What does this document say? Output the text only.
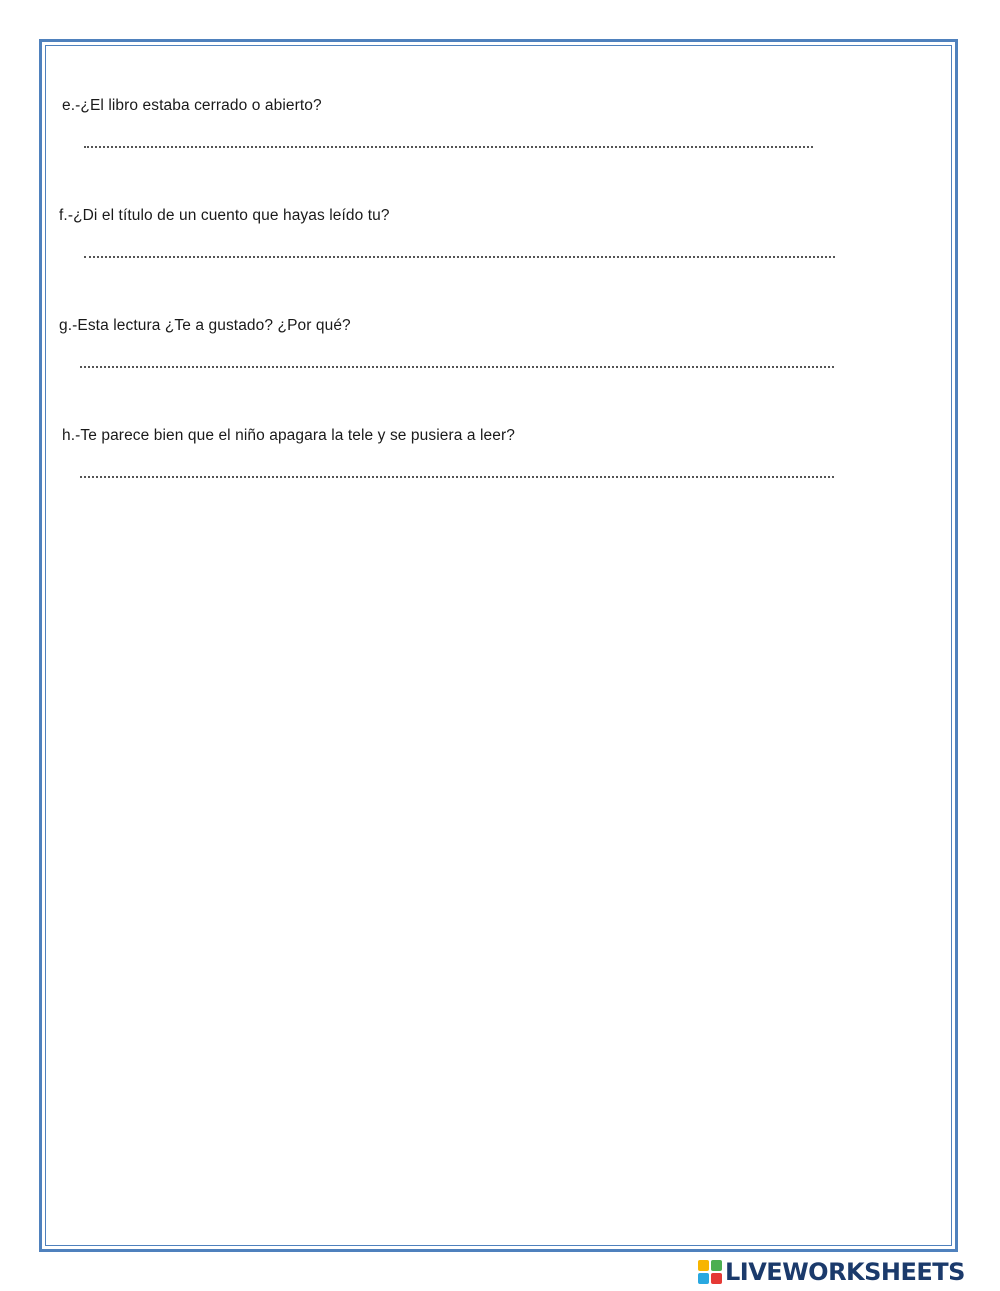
e.-¿El libro estaba cerrado o abierto?
f.-¿Di el título de un cuento que hayas leído tu?
g.-Esta lectura ¿Te a gustado? ¿Por qué?
h.-Te parece bien que el niño apagara la tele y se pusiera a leer?
LIVEWORKSHEETS
